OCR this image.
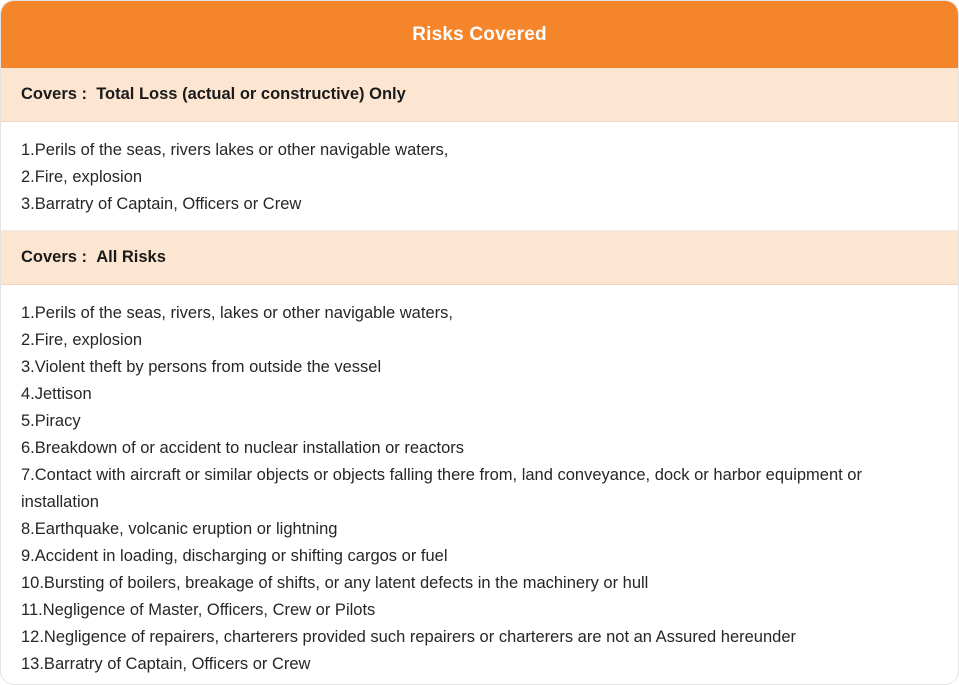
Risks Covered
Covers :
Total Loss (actual or constructive) Only
1.Perils of the seas, rivers lakes or other navigable waters,
2.Fire, explosion
3.Barratry of Captain, Officers or Crew
Covers :
All Risks
1.Perils of the seas, rivers, lakes or other navigable waters,
2.Fire, explosion
3.Violent theft by persons from outside the vessel
4.Jettison
5.Piracy
6.Breakdown of or accident to nuclear installation or reactors
7.Contact with aircraft or similar objects or objects falling there from, land conveyance, dock or harbor equipment or installation
8.Earthquake, volcanic eruption or lightning
9.Accident in loading, discharging or shifting cargos or fuel
10.Bursting of boilers, breakage of shifts, or any latent defects in the machinery or hull
11.Negligence of Master, Officers, Crew or Pilots
12.Negligence of repairers, charterers provided such repairers or charterers are not an Assured hereunder
13.Barratry of Captain, Officers or Crew
